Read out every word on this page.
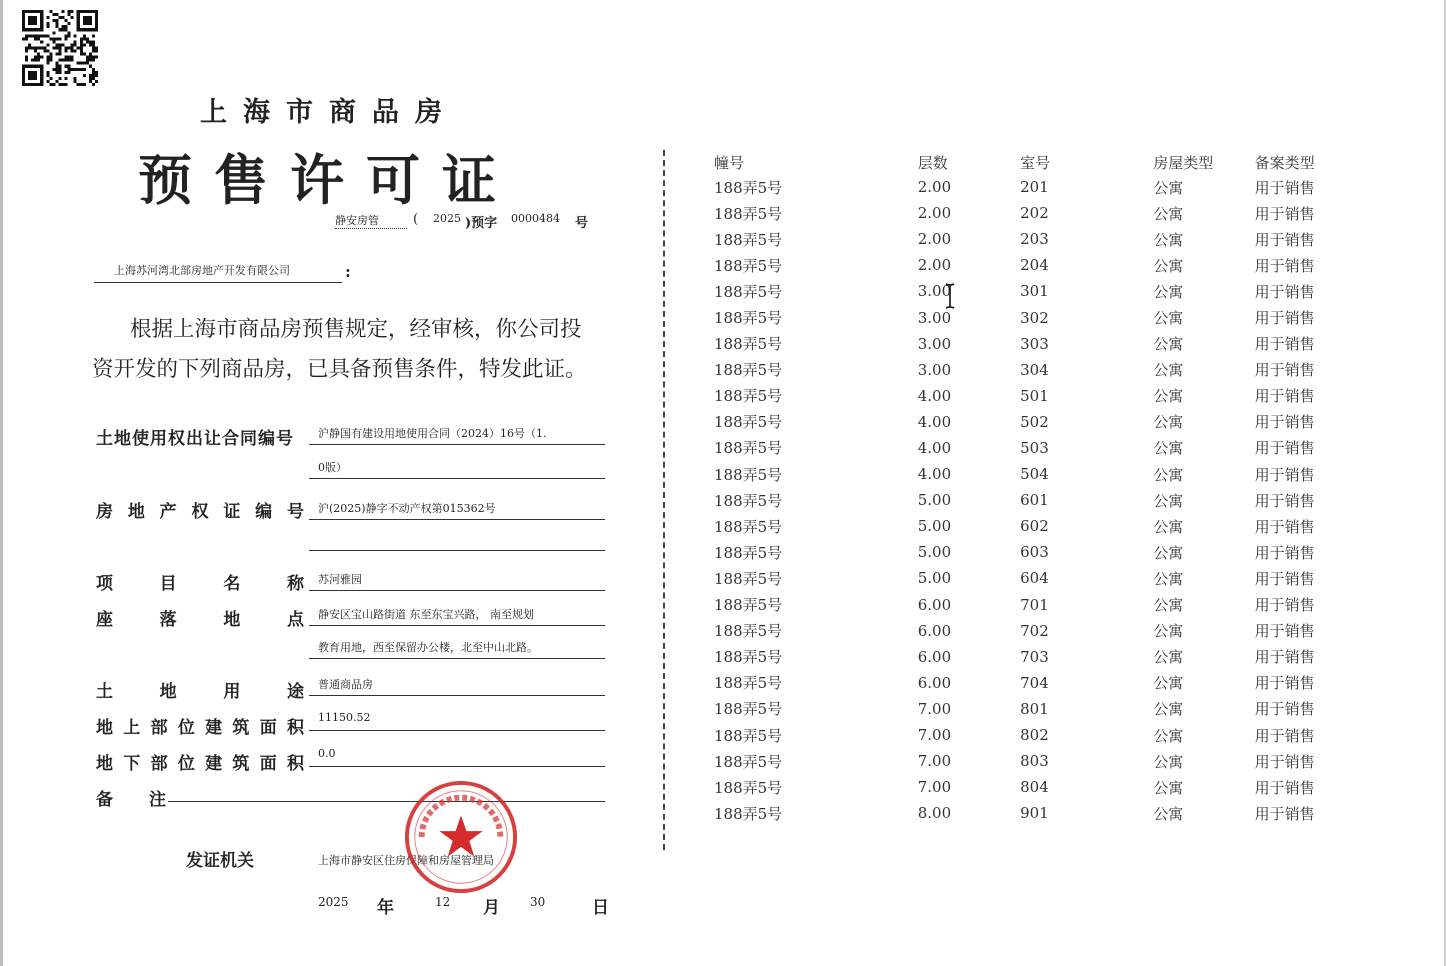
上海市商品房
预售许可证
静安房管	( 2025 )预字 0000484 号
上海苏河湾北部房地产开发有限公司	:
根据上海市商品房预售规定，经审核，你公司投
资开发的下列商品房，已具备预售条件，特发此证。
土地使用权出让合同编号	沪静国有建设用地使用合同（2024）16号（1.
0版）
房 地 产 权 证 编 号	沪(2025)静字不动产权第015362号
项	目	名	称	苏河雅园
座	落	地	点	静安区宝山路街道 东至东宝兴路， 南至规划
教育用地，西至保留办公楼，北至中山北路。
土	地	用	途	普通商品房
地 上 部 位 建 筑 面 积
11150.52
地 下 部 位 建 筑 面 积
0.0
备 注
发证机关	上海市静安区住房保障和房屋管理局
2025 年	12 月	30	日
幢号	层数	室号	房屋类型	备案类型
188弄5号	2.00	201	公寓	用于销售
188弄5号	2.00	202	公寓	用于销售
188弄5号	2.00	203	公寓	用于销售
188弄5号	2.00	204	公寓	用于销售
188弄5号	3.00	301	公寓	用于销售
188弄5号	3.00	302	公寓	用于销售
188弄5号	3.00	303	公寓	用于销售
188弄5号	3.00	304	公寓	用于销售
188弄5号	4.00	501	公寓	用于销售
188弄5号	4.00	502	公寓	用于销售
188弄5号	4.00	503	公寓	用于销售
188弄5号	4.00	504	公寓	用于销售
188弄5号	5.00	601	公寓	用于销售
188弄5号	5.00	602	公寓	用于销售
188弄5号	5.00	603	公寓	用于销售
188弄5号	5.00	604	公寓	用于销售
188弄5号	6.00	701	公寓	用于销售
188弄5号	6.00	702	公寓	用于销售
188弄5号	6.00	703	公寓	用于销售
188弄5号	6.00	704	公寓	用于销售
188弄5号	7.00	801	公寓	用于销售
188弄5号	7.00	802	公寓	用于销售
188弄5号	7.00	803	公寓	用于销售
188弄5号	7.00	804	公寓	用于销售
188弄5号	8.00	901	公寓	用于销售
